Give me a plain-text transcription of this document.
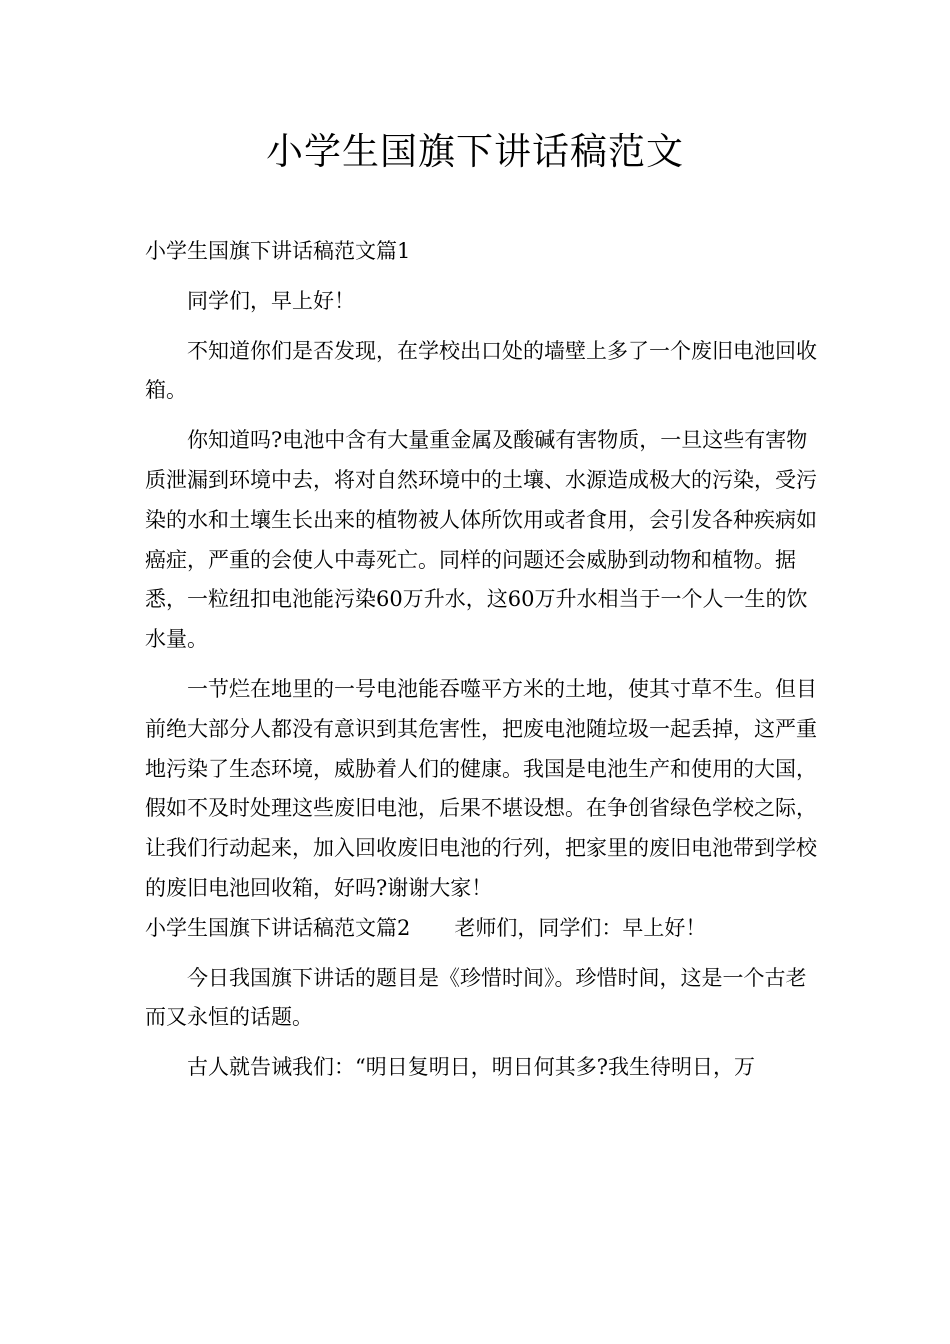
小学生国旗下讲话稿范文

小学生国旗下讲话稿范文篇1

同学们，早上好！

不知道你们是否发现，在学校出口处的墙壁上多了一个废旧电池回收箱。

你知道吗?电池中含有大量重金属及酸碱有害物质，一旦这些有害物质泄漏到环境中去，将对自然环境中的土壤、水源造成极大的污染，受污染的水和土壤生长出来的植物被人体所饮用或者食用，会引发各种疾病如癌症，严重的会使人中毒死亡。同样的问题还会威胁到动物和植物。据悉，一粒纽扣电池能污染60万升水，这60万升水相当于一个人一生的饮水量。

一节烂在地里的一号电池能吞噬平方米的土地，使其寸草不生。但目前绝大部分人都没有意识到其危害性，把废电池随垃圾一起丢掉，这严重地污染了生态环境，威胁着人们的健康。我国是电池生产和使用的大国，假如不及时处理这些废旧电池，后果不堪设想。在争创省绿色学校之际，让我们行动起来，加入回收废旧电池的行列，把家里的废旧电池带到学校的废旧电池回收箱，好吗?谢谢大家！

小学生国旗下讲话稿范文篇2 老师们，同学们：早上好！

今日我国旗下讲话的题目是《珍惜时间》。珍惜时间，这是一个古老而又永恒的话题。

古人就告诫我们：“明日复明日，明日何其多?我生待明日，万
